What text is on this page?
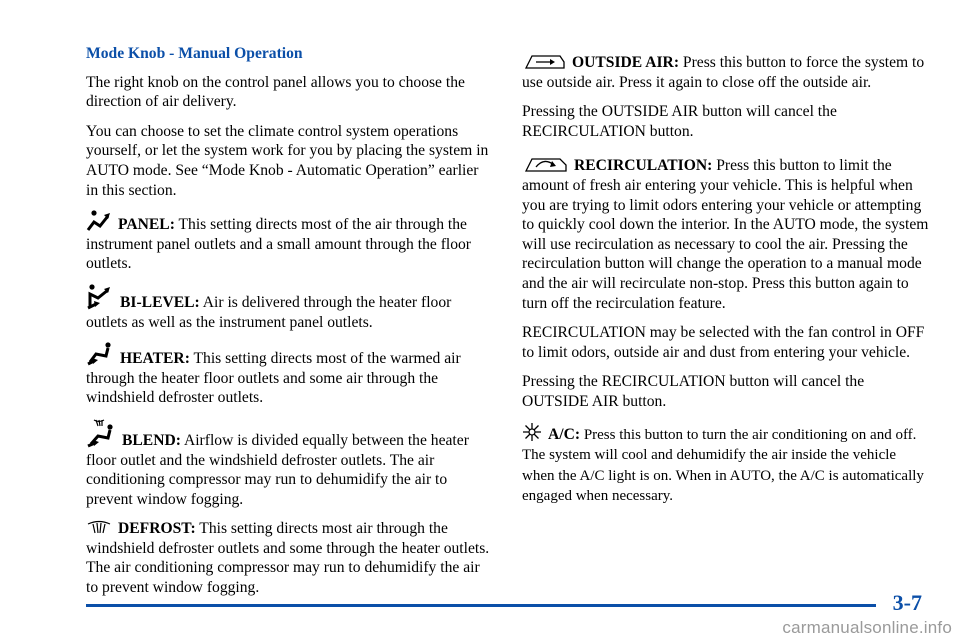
Mode Knob - Manual Operation

The right knob on the control panel allows you to choose the direction of air delivery.

You can choose to set the climate control system operations yourself, or let the system work for you by placing the system in AUTO mode. See “Mode Knob - Automatic Operation” earlier in this section.

PANEL: This setting directs most of the air through the instrument panel outlets and a small amount through the floor outlets.
BI-LEVEL: Air is delivered through the heater floor outlets as well as the instrument panel outlets.
HEATER: This setting directs most of the warmed air through the heater floor outlets and some air through the windshield defroster outlets.
BLEND: Airflow is divided equally between the heater floor outlet and the windshield defroster outlets. The air conditioning compressor may run to dehumidify the air to prevent window fogging.
DEFROST: This setting directs most air through the windshield defroster outlets and some through the heater outlets. The air conditioning compressor may run to dehumidify the air to prevent window fogging.
OUTSIDE AIR: Press this button to force the system to use outside air. Press it again to close off the outside air.

Pressing the OUTSIDE AIR button will cancel the RECIRCULATION button.

RECIRCULATION: Press this button to limit the amount of fresh air entering your vehicle. This is helpful when you are trying to limit odors entering your vehicle or attempting to quickly cool down the interior. In the AUTO mode, the system will use recirculation as necessary to cool the air. Pressing the recirculation button will change the operation to a manual mode and the air will recirculate non-stop. Press this button again to turn off the recirculation feature.

RECIRCULATION may be selected with the fan control in OFF to limit odors, outside air and dust from entering your vehicle.

Pressing the RECIRCULATION button will cancel the OUTSIDE AIR button.

A/C: Press this button to turn the air conditioning on and off. The system will cool and dehumidify the air inside the vehicle when the A/C light is on. When in AUTO, the A/C is automatically engaged when necessary.
3-7
carmanualsonline.info
